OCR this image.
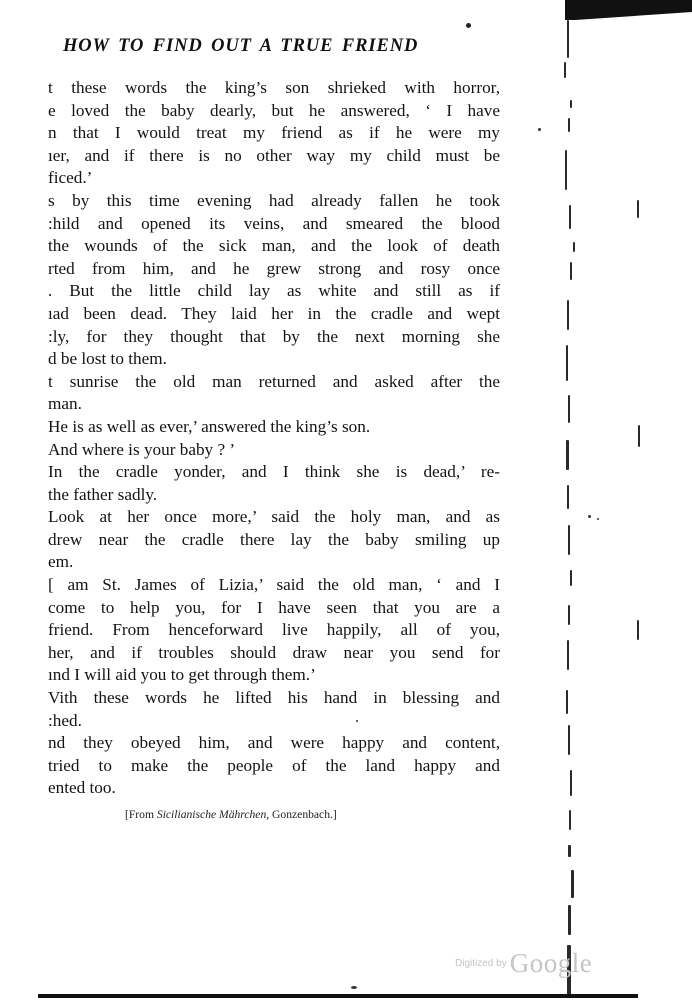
HOW TO FIND OUT A TRUE FRIEND
t these words the king’s son shrieked with horror,
e loved the baby dearly, but he answered, ‘ I have
n that I would treat my friend as if he were my
ıer, and if there is no other way my child must be
ficed.’
s by this time evening had already fallen he took
:hild and opened its veins, and smeared the blood
the wounds of the sick man, and the look of death
rted from him, and he grew strong and rosy once
. But the little child lay as white and still as if
ıad been dead. They laid her in the cradle and wept
:ly, for they thought that by the next morning she
d be lost to them.
t sunrise the old man returned and asked after the
man.
He is as well as ever,’ answered the king’s son.
And where is your baby ? ’
In the cradle yonder, and I think she is dead,’ re-
the father sadly.
Look at her once more,’ said the holy man, and as
drew near the cradle there lay the baby smiling up
em.
[ am St. James of Lizia,’ said the old man, ‘ and I
come to help you, for I have seen that you are a
friend. From henceforward live happily, all of you,
her, and if troubles should draw near you send for
ınd I will aid you to get through them.’
Vith these words he lifted his hand in blessing and
:hed.
nd they obeyed him, and were happy and content,
tried to make the people of the land happy and
ented too.

[From Sicilianische Mährchen, Gonzenbach.]

Digitized by Google
